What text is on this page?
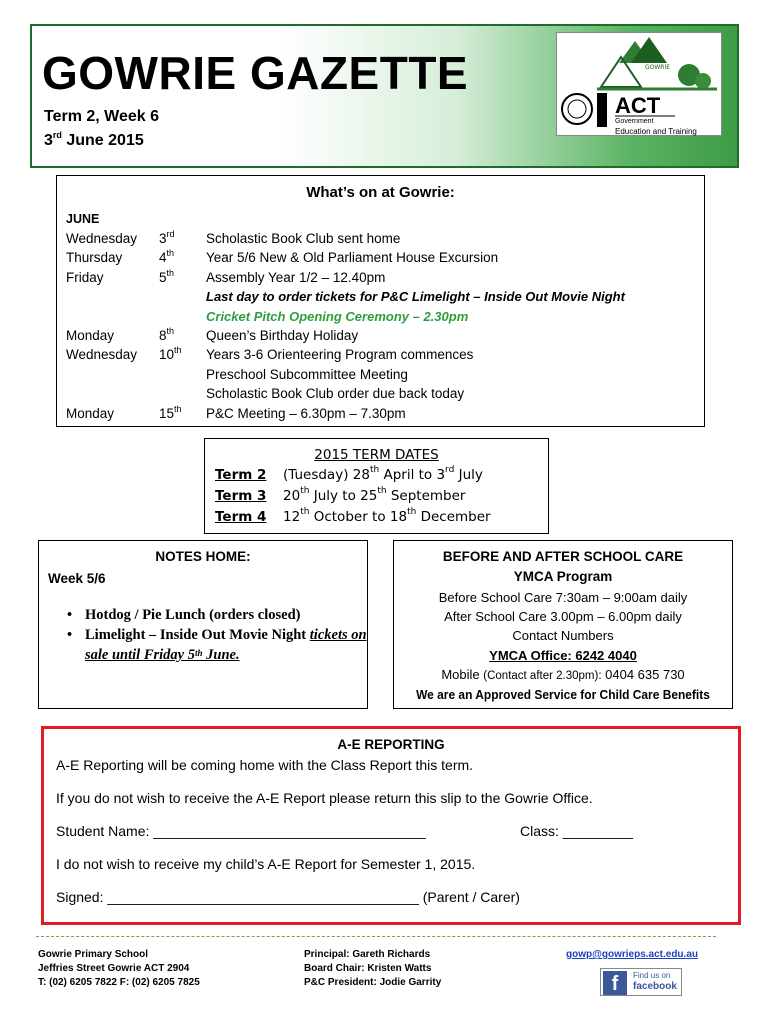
GOWRIE GAZETTE
Term 2, Week 6
3rd June 2015
GOWRIE
ACT
Government
Education and Training
What’s on at Gowrie:
JUNE
Wednesday	3rd	Scholastic Book Club sent home
Thursday	4th	Year 5/6 New & Old Parliament House Excursion
Friday	5th	Assembly Year 1/2 – 12.40pm
Last day to order tickets for P&C Limelight – Inside Out Movie Night
Cricket Pitch Opening Ceremony – 2.30pm
Monday	8th	Queen’s Birthday Holiday
Wednesday	10th	Years 3-6 Orienteering Program commences
Preschool Subcommittee Meeting
Scholastic Book Club order due back today
Monday	15th	P&C Meeting – 6.30pm – 7.30pm
2015 TERM DATES
Term 2 (Tuesday) 28th April to 3rd July
Term 3 20th July to 25th September
Term 4 12th October to 18th December
NOTES HOME:
Week 5/6
• Hotdog / Pie Lunch (orders closed)
• Limelight – Inside Out Movie Night tickets on sale until Friday 5th June.
BEFORE AND AFTER SCHOOL CARE
YMCA Program
Before School Care 7:30am – 9:00am daily
After School Care 3.00pm – 6.00pm daily
Contact Numbers
YMCA Office: 6242 4040
Mobile (Contact after 2.30pm): 0404 635 730
We are an Approved Service for Child Care Benefits
A-E REPORTING
A-E Reporting will be coming home with the Class Report this term.
If you do not wish to receive the A-E Report please return this slip to the Gowrie Office.
Student Name: ___________________________________	Class: _________
I do not wish to receive my child’s A-E Report for Semester 1, 2015.
Signed: ________________________________________ (Parent / Carer)
Gowrie Primary School
Jeffries Street Gowrie ACT 2904
T: (02) 6205 7822 F: (02) 6205 7825
Principal: Gareth Richards
Board Chair: Kristen Watts
P&C President: Jodie Garrity
gowp@gowrieps.act.edu.au
f	Find us on
facebook
